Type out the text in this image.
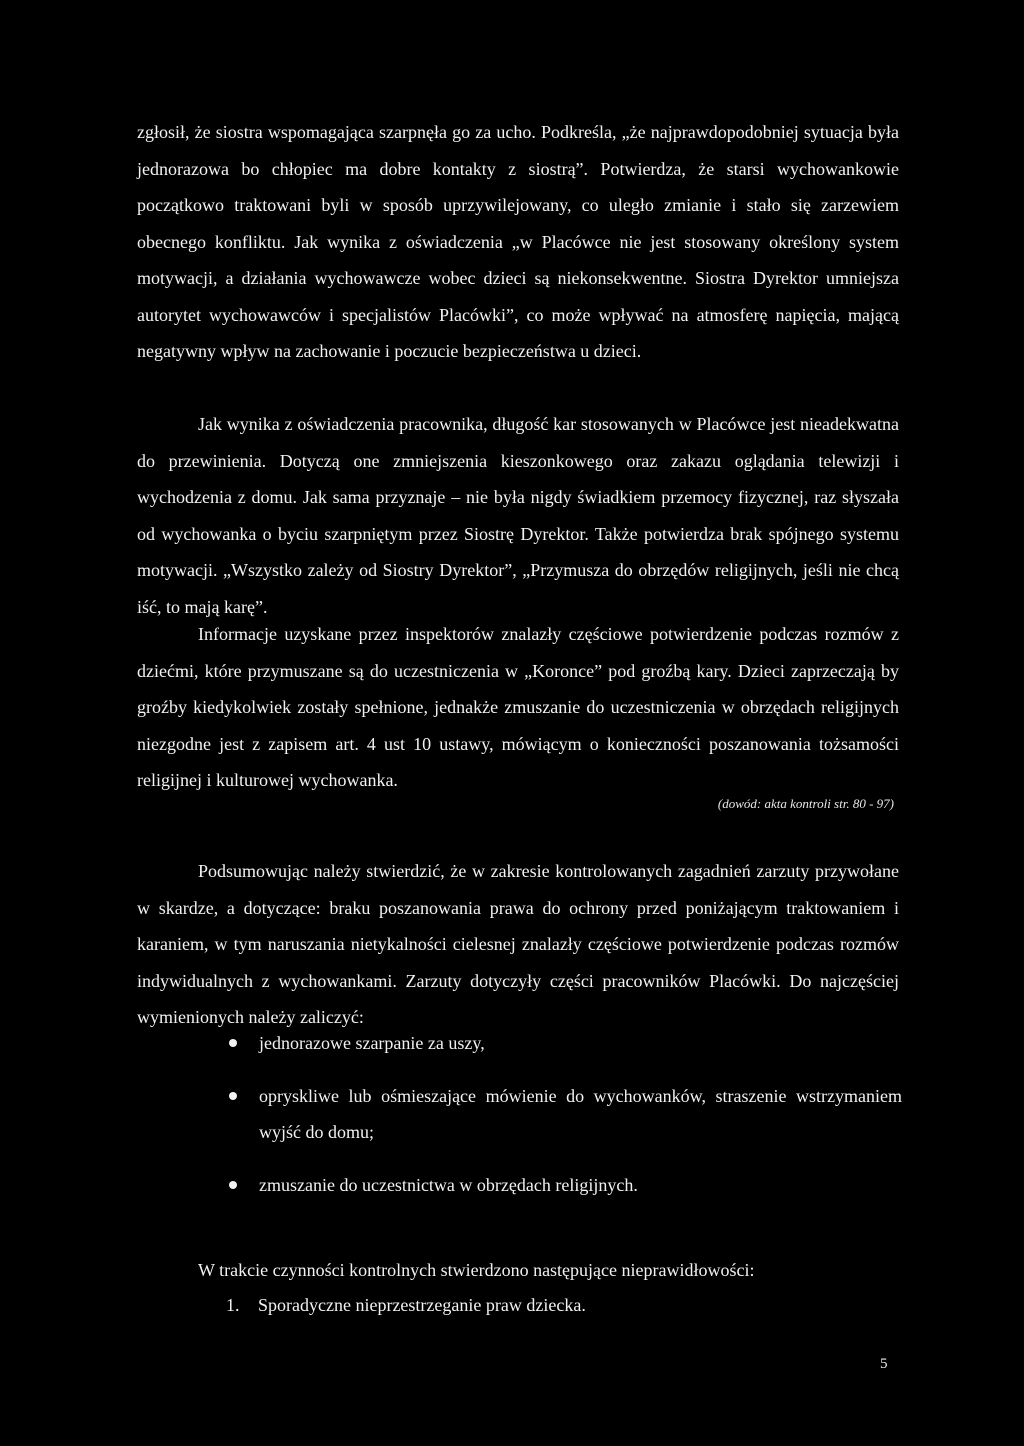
zgłosił, że siostra wspomagająca szarpnęła go za ucho. Podkreśla, „że najprawdopodobniej sytuacja była jednorazowa bo chłopiec ma dobre kontakty z siostrą”. Potwierdza, że starsi wychowankowie początkowo traktowani byli w sposób uprzywilejowany, co uległo zmianie i stało się zarzewiem obecnego konfliktu. Jak wynika z oświadczenia „w Placówce nie jest stosowany określony system motywacji, a działania wychowawcze wobec dzieci są niekonsekwentne. Siostra Dyrektor umniejsza autorytet wychowawców i specjalistów Placówki”, co może wpływać na atmosferę napięcia, mającą negatywny wpływ na zachowanie i poczucie bezpieczeństwa u dzieci.

Jak wynika z oświadczenia pracownika, długość kar stosowanych w Placówce jest nieadekwatna do przewinienia. Dotyczą one zmniejszenia kieszonkowego oraz zakazu oglądania telewizji i wychodzenia z domu. Jak sama przyznaje – nie była nigdy świadkiem przemocy fizycznej, raz słyszała od wychowanka o byciu szarpniętym przez Siostrę Dyrektor. Także potwierdza brak spójnego systemu motywacji. „Wszystko zależy od Siostry Dyrektor”, „Przymusza do obrzędów religijnych, jeśli nie chcą iść, to mają karę”.

Informacje uzyskane przez inspektorów znalazły częściowe potwierdzenie podczas rozmów z dziećmi, które przymuszane są do uczestniczenia w „Koronce” pod groźbą kary. Dzieci zaprzeczają by groźby kiedykolwiek zostały spełnione, jednakże zmuszanie do uczestniczenia w obrzędach religijnych niezgodne jest z zapisem art. 4 ust 10 ustawy, mówiącym o konieczności poszanowania tożsamości religijnej i kulturowej wychowanka.

(dowód: akta kontroli str. 80 - 97)

Podsumowując należy stwierdzić, że w zakresie kontrolowanych zagadnień zarzuty przywołane w skardze, a dotyczące: braku poszanowania prawa do ochrony przed poniżającym traktowaniem i karaniem, w tym naruszania nietykalności cielesnej znalazły częściowe potwierdzenie podczas rozmów indywidualnych z wychowankami. Zarzuty dotyczyły części pracowników Placówki. Do najczęściej wymienionych należy zaliczyć:

jednorazowe szarpanie za uszy,
opryskliwe lub ośmieszające mówienie do wychowanków, straszenie wstrzymaniem wyjść do domu;
zmuszanie do uczestnictwa w obrzędach religijnych.

W trakcie czynności kontrolnych stwierdzono następujące nieprawidłowości:

1. Sporadyczne nieprzestrzeganie praw dziecka.
5
